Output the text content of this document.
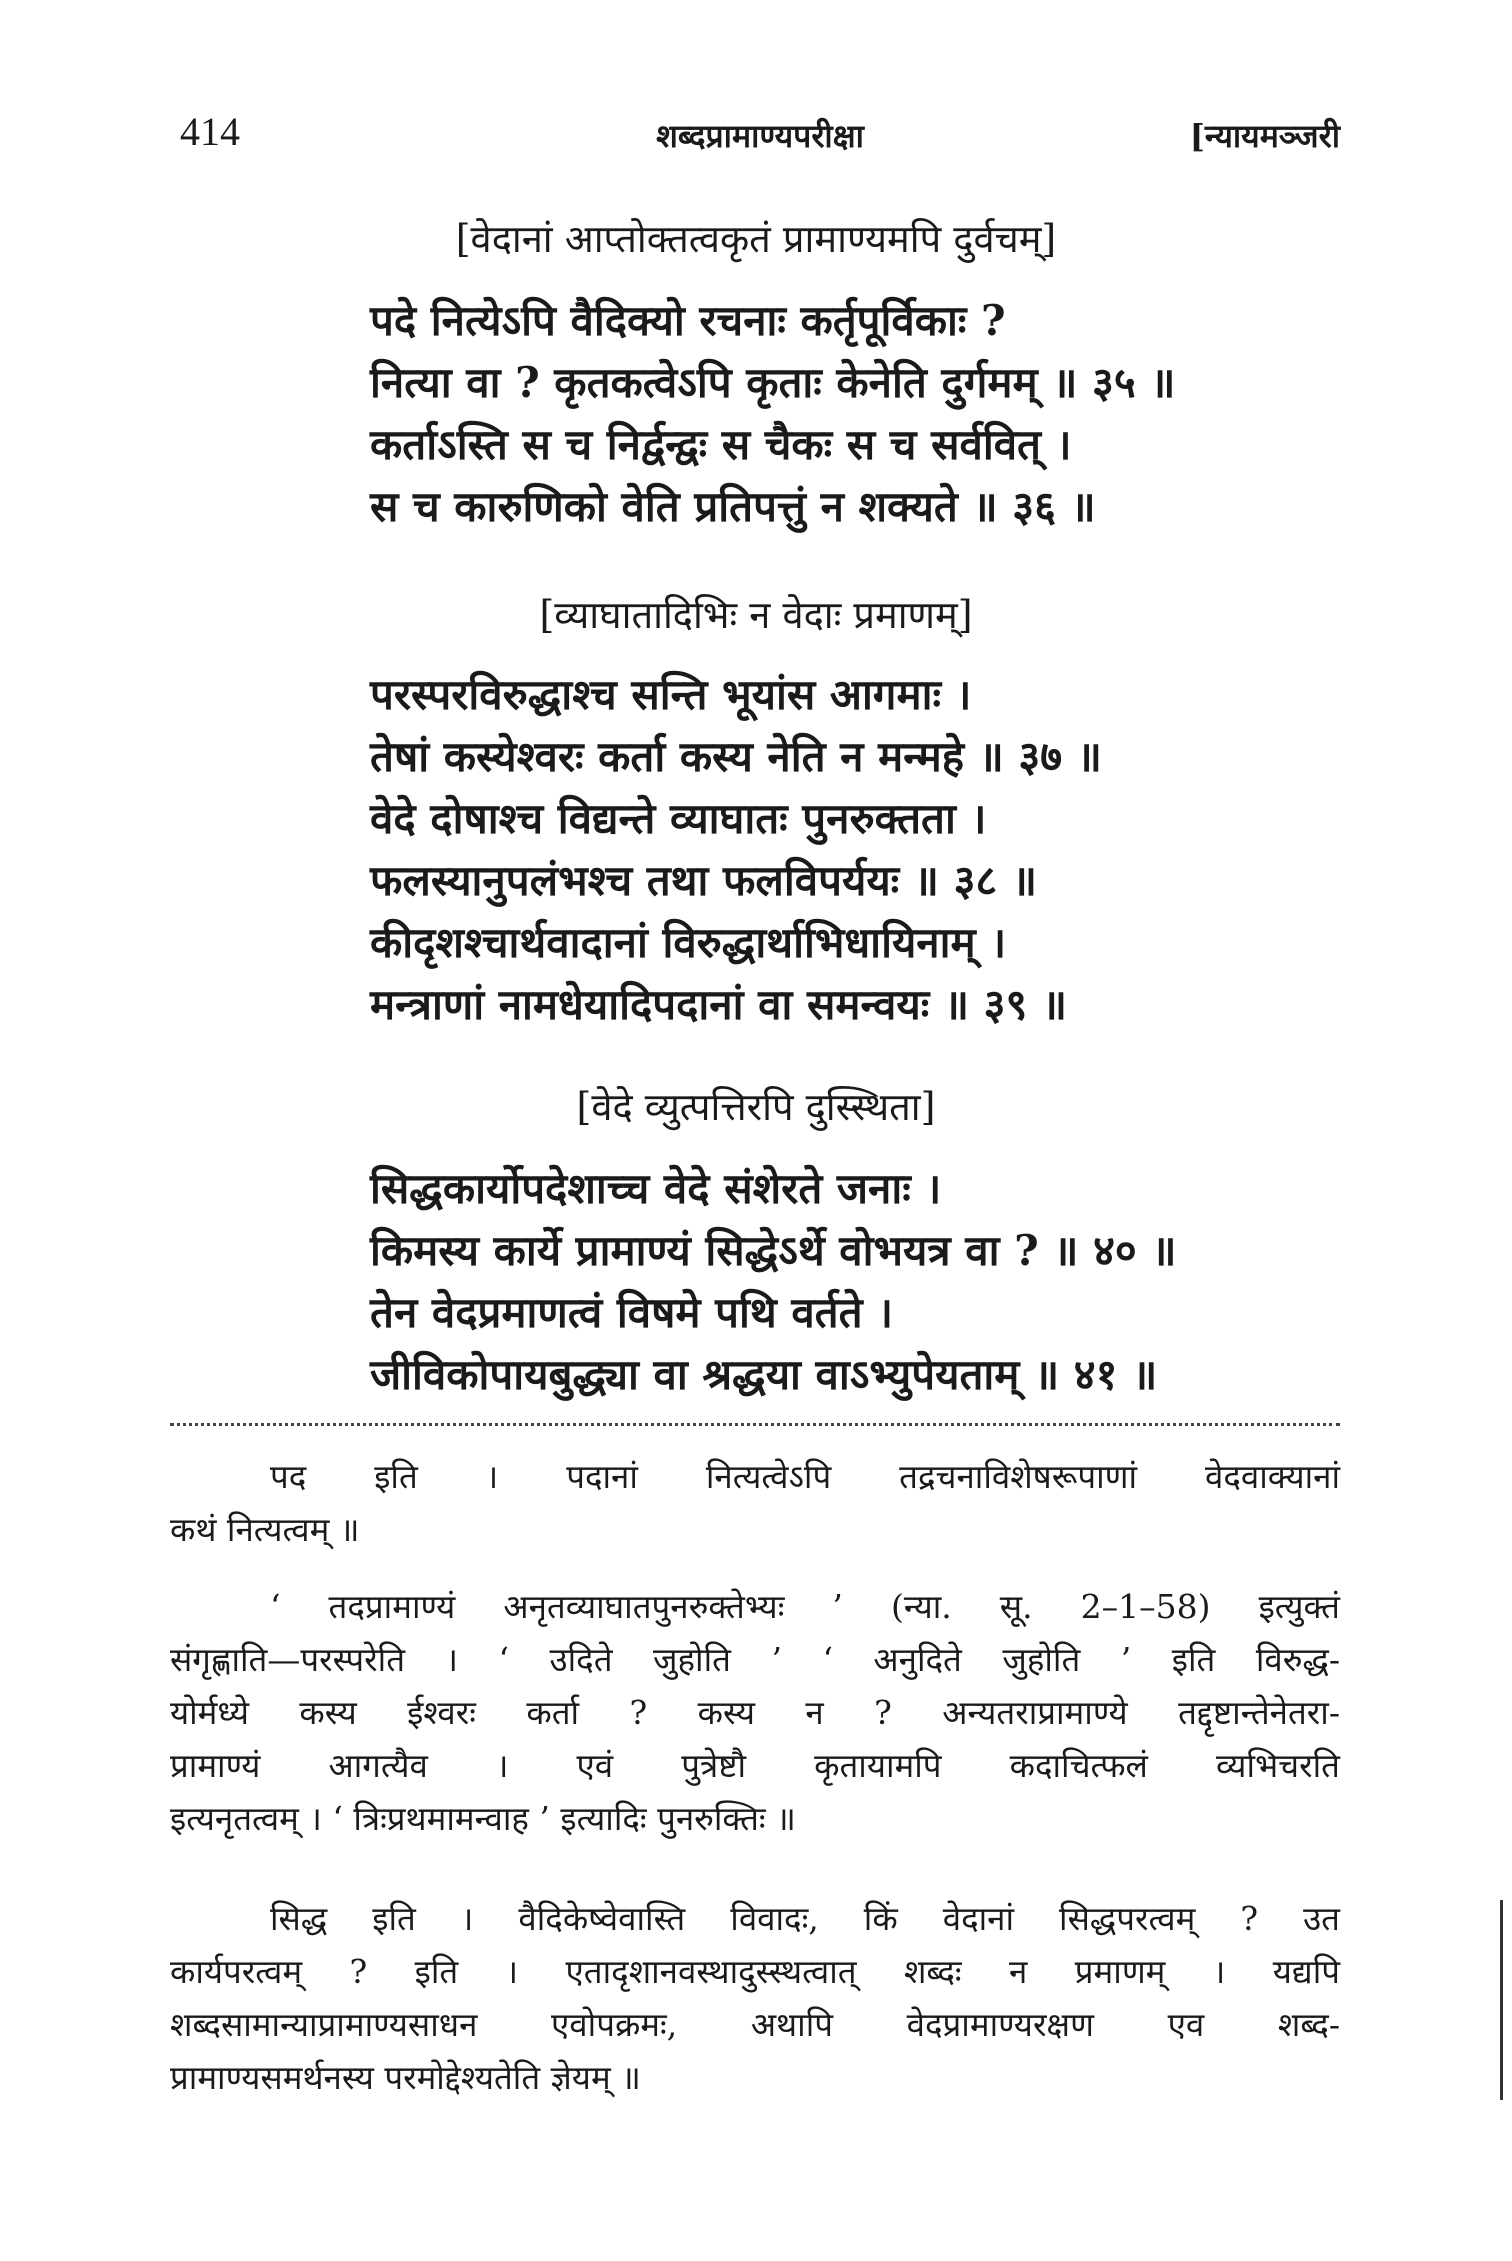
414	शब्दप्रामाण्यपरीक्षा	[न्यायमञ्जरी
[वेदानां आप्तोक्तत्वकृतं प्रामाण्यमपि दुर्वचम्]
पदे नित्येऽपि वैदिक्यो रचनाः कर्तृपूर्विकाः ?
नित्या वा ? कृतकत्वेऽपि कृताः केनेति दुर्गमम् ॥ ३५ ॥
कर्ताऽस्ति स च निर्द्वन्द्वः स चैकः स च सर्ववित् ।
स च कारुणिको वेति प्रतिपत्तुं न शक्यते ॥ ३६ ॥
[व्याघातादिभिः न वेदाः प्रमाणम्]
परस्परविरुद्धाश्च सन्ति भूयांस आगमाः ।
तेषां कस्येश्वरः कर्ता कस्य नेति न मन्महे ॥ ३७ ॥
वेदे दोषाश्च विद्यन्ते व्याघातः पुनरुक्तता ।
फलस्यानुपलंभश्च तथा फलविपर्ययः ॥ ३८ ॥
कीदृशश्चार्थवादानां विरुद्धार्थाभिधायिनाम् ।
मन्त्राणां नामधेयादिपदानां वा समन्वयः ॥ ३९ ॥
[वेदे व्युत्पत्तिरपि दुस्स्थिता]
सिद्धकार्योपदेशाच्च वेदे संशेरते जनाः ।
किमस्य कार्ये प्रामाण्यं सिद्धेऽर्थे वोभयत्र वा ? ॥ ४० ॥
तेन वेदप्रमाणत्वं विषमे पथि वर्तते ।
जीविकोपायबुद्ध्या वा श्रद्धया वाऽभ्युपेयताम् ॥ ४१ ॥
पद इति । पदानां नित्यत्वेऽपि तद्रचनाविशेषरूपाणां वेदवाक्यानां
कथं नित्यत्वम् ॥
‘ तदप्रामाण्यं अनृतव्याघातपुनरुक्तेभ्यः ’ (न्या. सू. 2–1–58) इत्युक्तं
संगृह्णाति—परस्परेति । ‘ उदिते जुहोति ’ ‘ अनुदिते जुहोति ’ इति विरुद्ध-
योर्मध्ये कस्य ईश्वरः कर्ता ? कस्य न ? अन्यतराप्रामाण्ये तद्दृष्टान्तेनेतरा-
प्रामाण्यं आगत्यैव । एवं पुत्रेष्टौ कृतायामपि कदाचित्फलं व्यभिचरति
इत्यनृतत्वम् । ‘ त्रिःप्रथमामन्वाह ’ इत्यादिः पुनरुक्तिः ॥
सिद्ध इति । वैदिकेष्वेवास्ति विवादः, किं वेदानां सिद्धपरत्वम् ? उत
कार्यपरत्वम् ? इति । एतादृशानवस्थादुस्स्थत्वात् शब्दः न प्रमाणम् । यद्यपि
शब्दसामान्याप्रामाण्यसाधन एवोपक्रमः, अथापि वेदप्रामाण्यरक्षण एव शब्द-
प्रामाण्यसमर्थनस्य परमोद्देश्यतेति ज्ञेयम् ॥
